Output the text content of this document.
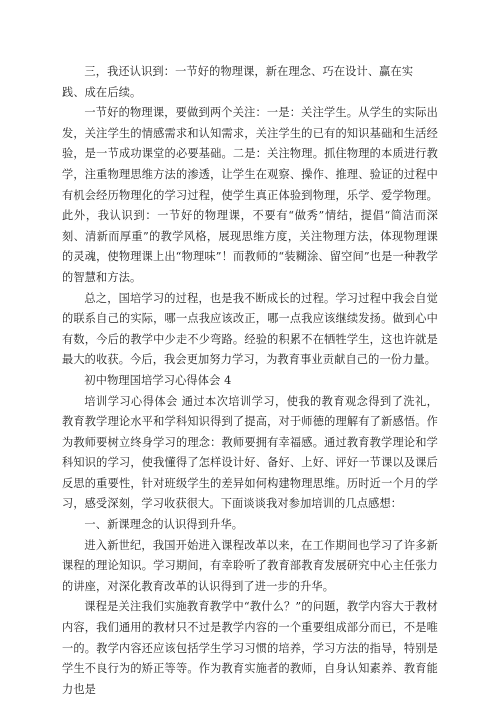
三，我还认识到：一节好的物理课，新在理念、巧在设计、赢在实
践、成在后续。

一节好的物理课，要做到两个关注：一是：关注学生。从学生的实际出发，关注学生的情感需求和认知需求，关注学生的已有的知识基础和生活经验，是一节成功课堂的必要基础。二是：关注物理。抓住物理的本质进行教学，注重物理思维方法的渗透，让学生在观察、操作、推理、验证的过程中有机会经历物理化的学习过程，使学生真正体验到物理，乐学、爱学物理。此外，我认识到：一节好的物理课，不要有“做秀”情结，提倡“简洁而深刻、清新而厚重”的教学风格，展现思维方度，关注物理方法，体现物理课的灵魂，使物理课上出“物理味”！而教师的“装糊涂、留空间”也是一种教学的智慧和方法。

总之，国培学习的过程，也是我不断成长的过程。学习过程中我会自觉的联系自己的实际，哪一点我应该改正，哪一点我应该继续发扬。做到心中有数，今后的教学中少走不少弯路。经验的积累不在牺牲学生，这也许就是最大的收获。今后，我会更加努力学习，为教育事业贡献自己的一份力量。

初中物理国培学习心得体会 4

培训学习心得体会 通过本次培训学习，使我的教育观念得到了洗礼，教育教学理论水平和学科知识得到了提高，对于师德的理解有了新感悟。作为教师要树立终身学习的理念：教师要拥有幸福感。通过教育教学理论和学科知识的学习，使我懂得了怎样设计好、备好、上好、评好一节课以及课后反思的重要性，针对班级学生的差异如何构建物理思维。历时近一个月的学习，感受深刻，学习收获很大。下面谈谈我对参加培训的几点感想：

一、新课理念的认识得到升华。

进入新世纪，我国开始进入课程改革以来，在工作期间也学习了许多新课程的理论知识。学习期间，有幸聆听了教育部教育发展研究中心主任张力的讲座，对深化教育改革的认识得到了进一步的升华。

课程是关注我们实施教育教学中“教什么？”的问题，教学内容大于教材内容，我们通用的教材只不过是教学内容的一个重要组成部分而已，不是唯一的。教学内容还应该包括学生学习习惯的培养，学习方法的指导，特别是学生不良行为的矫正等等。作为教育实施者的教师，自身认知素养、教育能力也是
